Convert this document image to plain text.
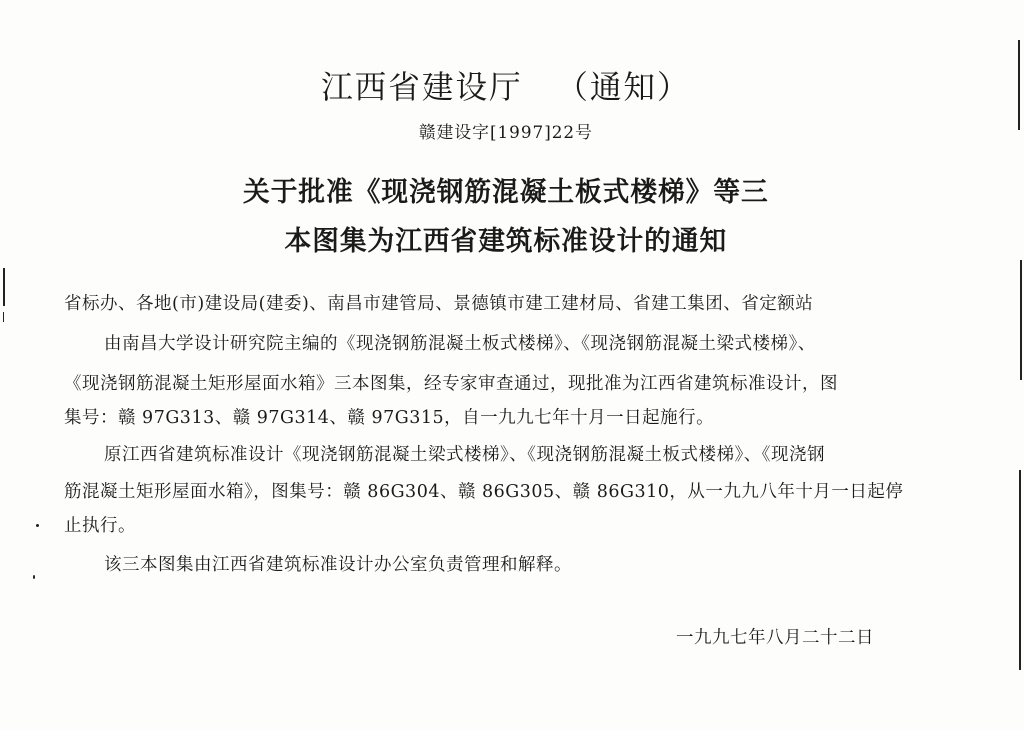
江西省建设厅 （通知）
赣建设字[1997]22号
关于批准《现浇钢筋混凝土板式楼梯》等三
本图集为江西省建筑标准设计的通知
省标办、各地(市)建设局(建委)、南昌市建管局、景德镇市建工建材局、省建工集团、省定额站
由南昌大学设计研究院主编的《现浇钢筋混凝土板式楼梯》、《现浇钢筋混凝土梁式楼梯》、
《现浇钢筋混凝土矩形屋面水箱》三本图集，经专家审查通过，现批准为江西省建筑标准设计，图
集号：赣 97G313、赣 97G314、赣 97G315，自一九九七年十月一日起施行。
原江西省建筑标准设计《现浇钢筋混凝土梁式楼梯》、《现浇钢筋混凝土板式楼梯》、《现浇钢
筋混凝土矩形屋面水箱》，图集号：赣 86G304、赣 86G305、赣 86G310，从一九九八年十月一日起停
止执行。
该三本图集由江西省建筑标准设计办公室负责管理和解释。
一九九七年八月二十二日
